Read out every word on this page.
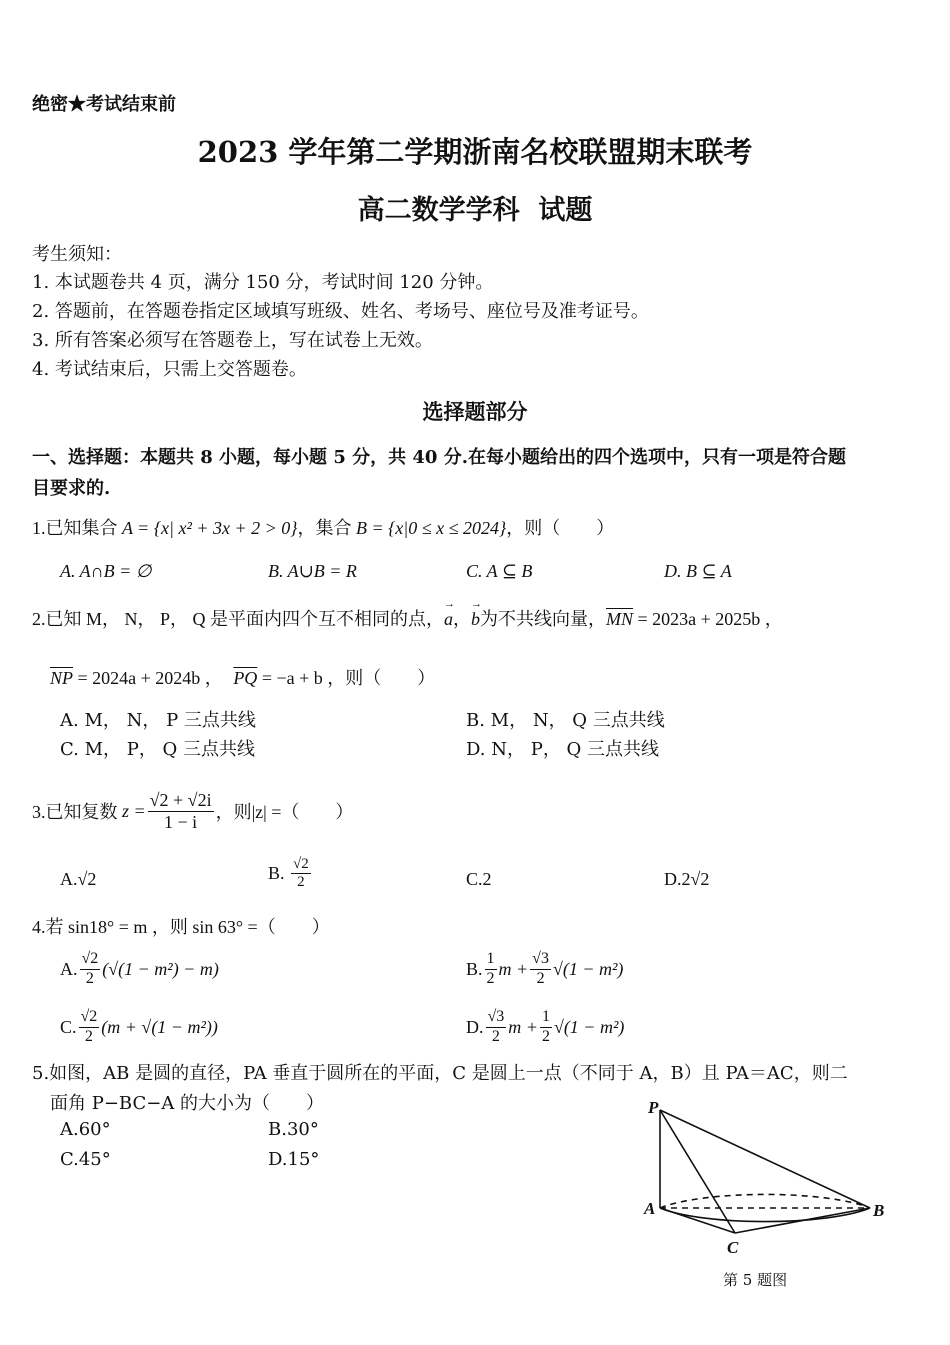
绝密★考试结束前
2023 学年第二学期浙南名校联盟期末联考
高二数学学科  试题
考生须知：
1. 本试题卷共 4 页，满分 150 分，考试时间 120 分钟。
2. 答题前，在答题卷指定区域填写班级、姓名、考场号、座位号及准考证号。
3. 所有答案必须写在答题卷上，写在试卷上无效。
4. 考试结束后，只需上交答题卷。
选择题部分
一、选择题：本题共 8 小题，每小题 5 分，共 40 分.在每小题给出的四个选项中，只有一项是符合题
目要求的.
1.已知集合 A = {x| x² + 3x + 2 > 0}，集合 B = {x|0 ≤ x ≤ 2024}，则（　　）
A. A∩B = ∅	B. A∪B = R	C. A ⊆ B	D. B ⊆ A
2.已知 M， N， P， Q 是平面内四个互不相同的点，a →，b →为不共线向量，$\overline{MN} = 2023a + 2025b$ ，
$\overline{NP} = 2024a + 2024b$ ， $\overline{PQ} = -a + b$ ，则（　　）
A. M， N， P 三点共线	B. M， N， Q 三点共线
C. M， P， Q 三点共线	D. N， P， Q 三点共线
3.已知复数
$z = \frac{√2 + √2i}{1 - i}$ ，则|z| =（　　）
A.√2	B.
$\frac{√2}{2}$	C.2	D.2√2
4.若 sin18° = m ，则 sin 63° =（　　）
A. $\frac{√2}{2} (√(1 - m^2) - m)$	B. $\frac{1}{2}$ $m + \frac{√3}{2} √(1 - m^2)$
C. $\frac{√2}{2} (m + √(1 - m^2))$	D. $\frac{√3}{2}$ $m + \frac{1}{2} √(1 - m^2)$
5.如图，AB 是圆的直径，PA 垂直于圆所在的平面，C 是圆上一点（不同于 A，B）且 PA＝AC，则二
面角 P−BC−A 的大小为（　　）
A.60°	B.30°
C.45°	D.15°
P
A	B
C
第 5 题图
